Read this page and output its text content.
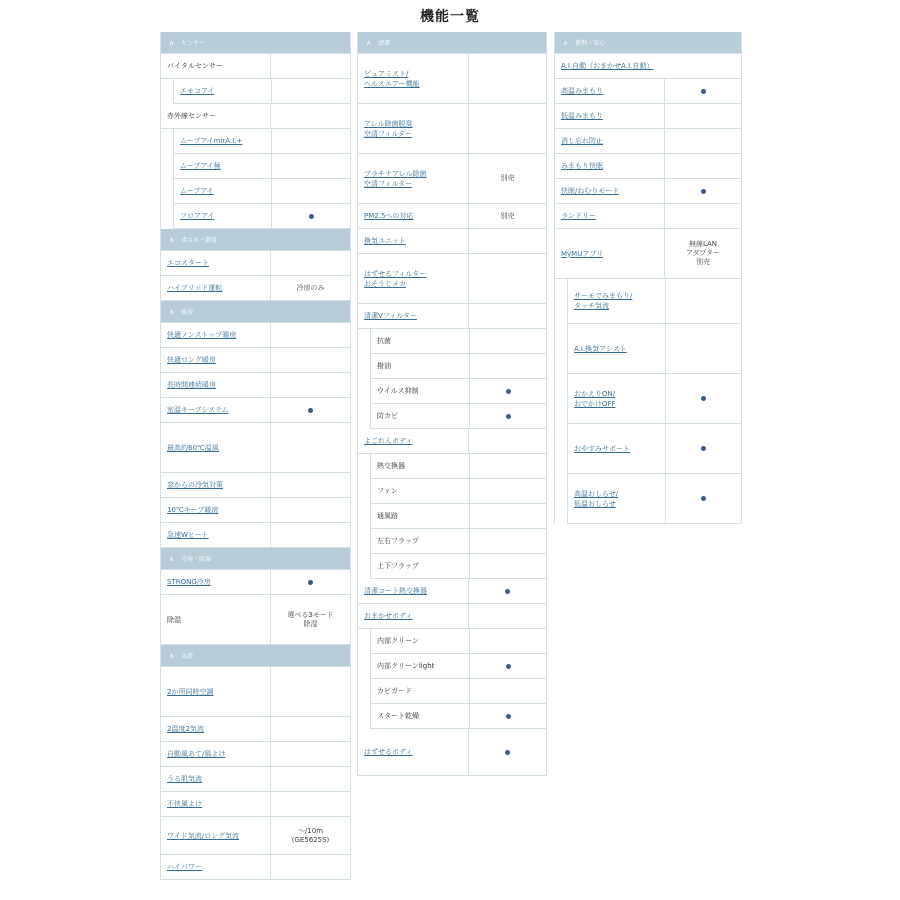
機能一覧
∧ センサー
バイタルセンサー
エモコアイ
赤外線センサー
ムーブアイmirA.I.+
ムーブアイ極
ムーブアイ
フロアアイ
∧ 省エネ・節電
エコスタート
ハイブリッド運転	冷房のみ
∧ 暖房
快適ノンストップ暖房
快適ロング暖房
長時間連続暖房
室温キープシステム
最高約60℃温風
窓からの冷気対策
10℃キープ暖房
急速Wヒート
∧ 冷房・除湿
STRONG冷房
除湿
選べる3モード
除湿
∧ 気流
2か所同時空調
2温度2気流
自動風あて/風よけ
うる肌気流
不快風よけ
ワイド気流/ロング気流
～/10m
(GE5625S)
ハイパワー
∧ 清潔
ピュアミスト/
ヘルスエアー機能
アレル除菌脱臭
空清フィルター
プラチナアレル除菌
空清フィルター
別売
PM2.5への対応	別売
換気ユニット
はずせるフィルター
おそうじメカ
清潔Vフィルター
抗菌
撥油
ウイルス抑制
防カビ
よごれんボディ
熱交換器
ファン
通風路
左右フラップ
上下フラップ
清潔コート熱交換器
おまかせボディ
内部クリーン
内部クリーンlight
カビガード
スタート乾燥
はずせるボディ
∧ 便利・安心
A.I.自動（おまかせA.I.自動）
高温みまもり
低温みまもり
消し忘れ防止
みまもり快眠
快眠/ねむりモード
ランドリー
MyMUアプリ
無線LAN
アダプター
別売
サーモでみまもり/
タッチ気流
A.I.換気アシスト
おかえりON/
おでかけOFF
おやすみサポート
高温おしらせ/
低温おしらせ
